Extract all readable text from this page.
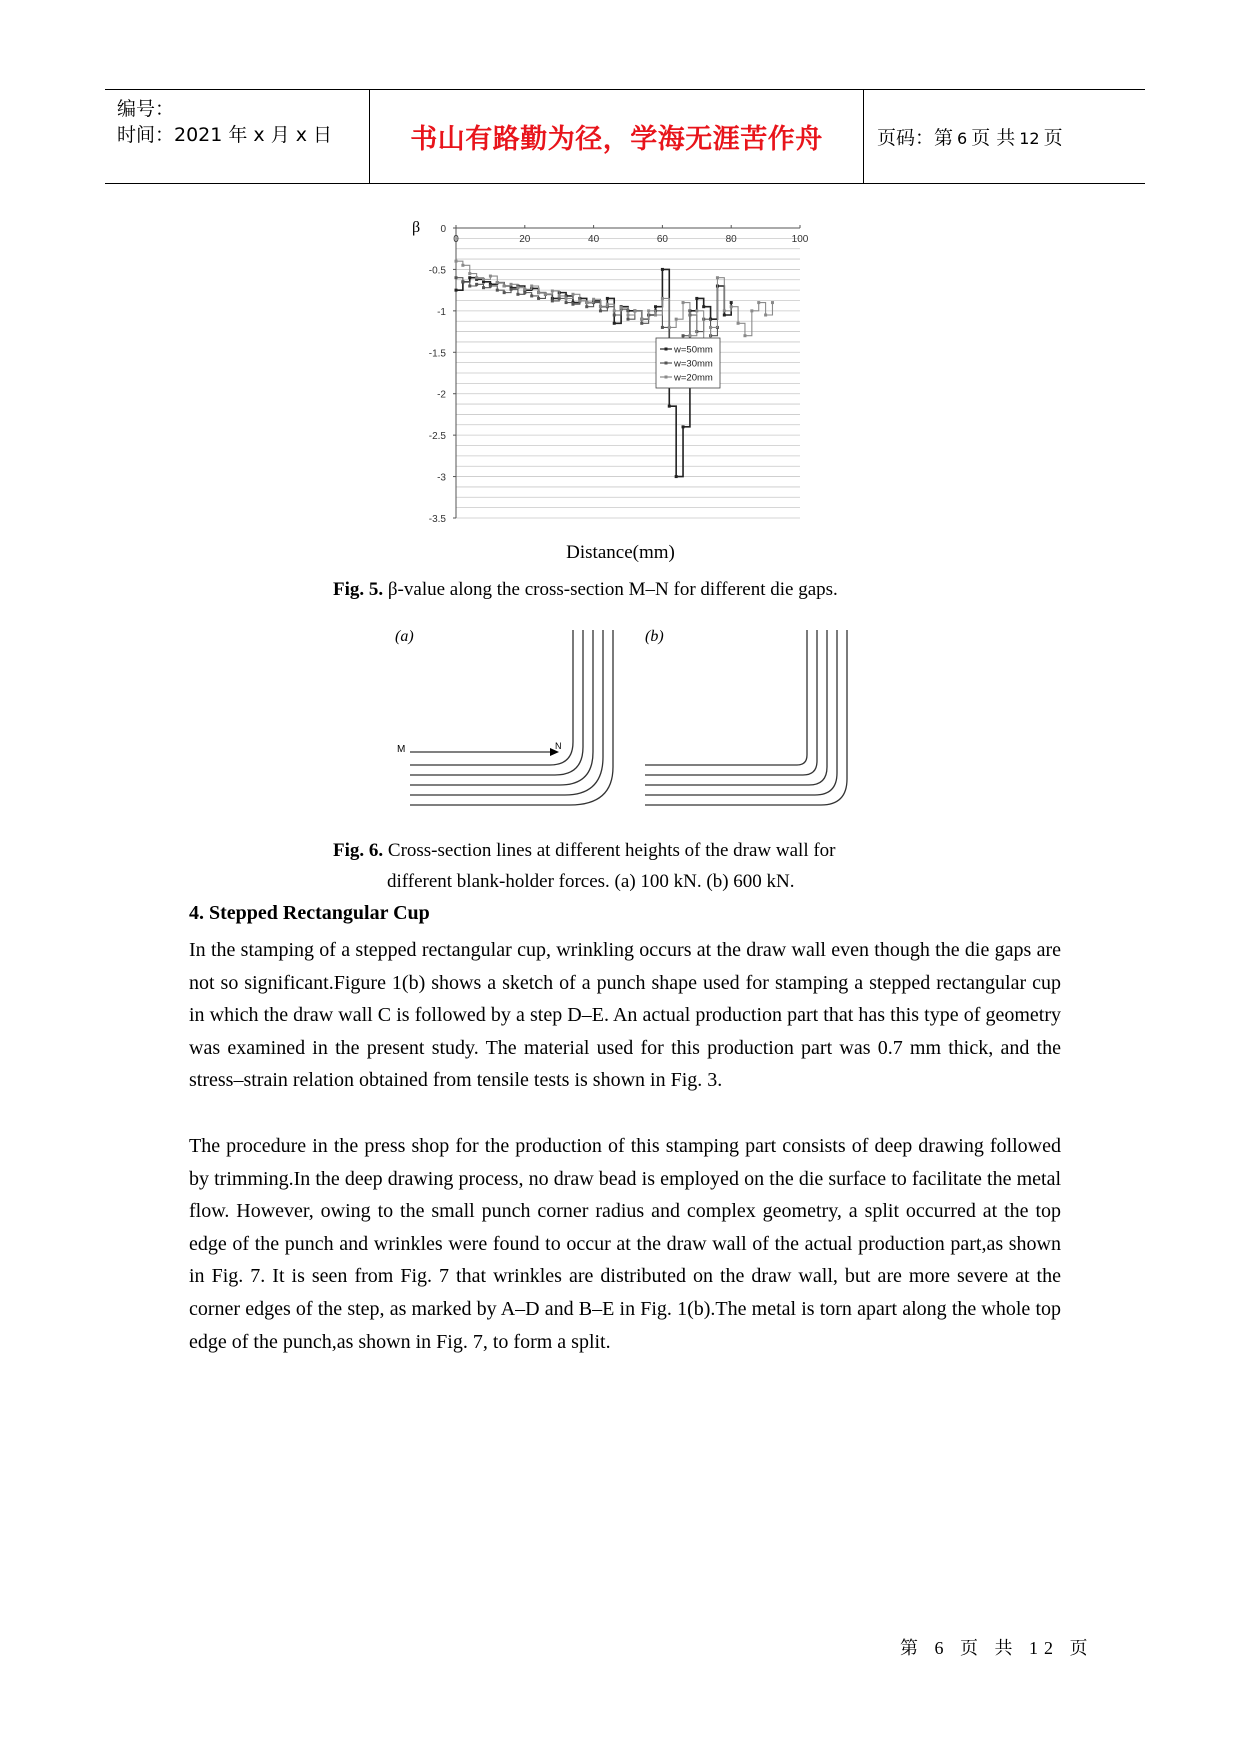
编号：
时间：2021 年 x 月 x 日	书山有路勤为径，学海无涯苦作舟	页码：第 6 页 共 12 页
β 0
-0.5
-1
-1.5
-2
-2.5
-3
-3.5
0	20	40	60	80	100
w=50mm
w=30mm
w=20mm
Distance(mm)
Fig. 5. β-value along the cross-section M–N for different die gaps.
(a)	(b)
M	N
Fig. 6. Cross-section lines at different heights of the draw wall for
different blank-holder forces. (a) 100 kN. (b) 600 kN.
4. Stepped Rectangular Cup
In the stamping of a stepped rectangular cup, wrinkling occurs at the draw wall even though the die gaps are not so significant.Figure 1(b) shows a sketch of a punch shape used for stamping a stepped rectangular cup in which the draw wall C is followed by a step D–E. An actual production part that has this type of geometry was examined in the present study. The material used for this production part was 0.7 mm thick, and the stress–strain relation obtained from tensile tests is shown in Fig. 3.
The procedure in the press shop for the production of this stamping part consists of deep drawing followed by trimming.In the deep drawing process, no draw bead is employed on the die surface to facilitate the metal flow. However, owing to the small punch corner radius and complex geometry, a split occurred at the top edge of the punch and wrinkles were found to occur at the draw wall of the actual production part,as shown in Fig. 7. It is seen from Fig. 7 that wrinkles are distributed on the draw wall, but are more severe at the corner edges of the step, as marked by A–D and B–E in Fig. 1(b).The metal is torn apart along the whole top edge of the punch,as shown in Fig. 7, to form a split.
第 6 页 共 12 页
